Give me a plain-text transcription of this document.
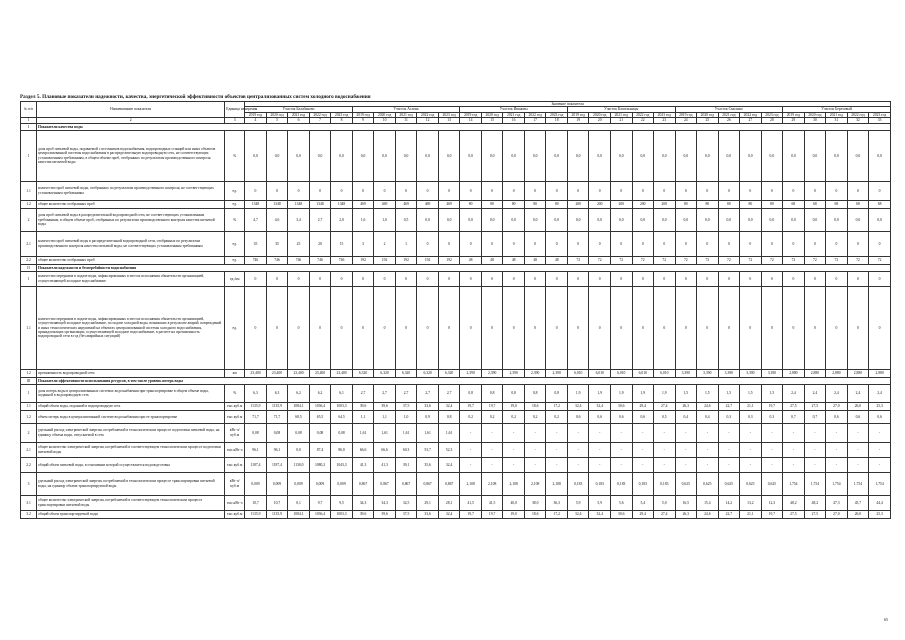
Раздел 5. Плановые показатели надежности, качества, энергетической эффективности объектов централизованных систем холодного водоснабжения
№ п/п	Наименование показателя	Единица измерения	Значение показателя																													
			Участок Балабаново					Участок Аслонь					Участок Ивановы					Участок Кашельницы					Участок Смолино					Участок Березовый				
			2019 год	2020 год	2021 год	2022 год	2023 год	2019 год	2020 год	2021 год	2022 год	2023 год	2019 год	2020 год	2021 год	2022 год	2023 год	2019 год	2020 год	2021 год	2022 год	2023 год	2019 год	2020 год	2021 год	2022 год	2023 год	2019 год	2020 год	2021 год	2022 год	2023 год
1	2	3	4	5	6	7	8	9	10	11	12	13	14	15	16	17	18	19	20	21	22	23	24	25	26	27	28	29	30	31	32	33
I	Показатели качества воды																															
1	доля проб питьевой воды, подаваемой с источников водоснабжения, водопроводных станций или иных объектов централизованной системы водоснабжения в распределительную водопроводную сеть, не соответствующих установленным требованиям, в общем объеме проб, отобранных по результатам производственного контроля качества питьевой воды	%	0,0	0,0	0,0	0,0	0,0	0,0	0,0	0,0	0,0	0,0	0,0	0,0	0,0	0,0	0,0	0,0	0,0	0,0	0,0	0,0	0,0	0,0	0,0	0,0	0,0	0,0	0,0	0,0	0,0	0,0
1.1	количество проб питьевой воды, отобранных по результатам производственного контроля, не соответствующих установленным требованиям	ед.	0	0	0	0	0	0	0	0	0	0	0	0	0	0	0	0	0	0	0	0	0	0	0	0	0	0	0	0	0	0
1.2	общее количество отобранных проб	ед.	1348	1348	1348	1348	1348	469	469	469	469	469	80	80	80	80	80	200	200	200	200	200	80	80	80	80	80	68	68	68	68	68
2	доля проб питьевой воды в распределительной водопроводной сети, не соответствующих установленным требованиям, в общем объеме проб, отобранных по результатам производственного контроля качества питьевой воды	%	4,7	4,6	3,4	2,7	2,0	1,6	1,0	0,5	0,0	0,0	0,0	0,0	0,0	0,0	0,0	0,0	0,0	0,0	0,0	0,0	0,0	0,0	0,0	0,0	0,0	0,0	0,0	0,0	0,0	0,0
2.1	количество проб питьевой воды в распределительной водопроводной сети, отобранных по результатам производственного контроля качества питьевой воды, не соответствующих установленным требованиям	ед.	35	35	25	20	15	3	2	1	0	0	0	0	0	0	0	0	0	0	0	0	0	0	0	0	0	0	0	0	0	0
2.2	общее количество отобранных проб	ед.	746	746	746	746	746	192	192	192	192	192	48	48	48	48	48	72	72	72	72	72	72	72	72	72	72	72	72	72	72	72
II	Показатели надежности и бесперебойности водоснабжения																															
1	количество перерывов в подаче воды, зафиксированных в местах исполнения обязательств организацией, осуществляющей холодное водоснабжение	ед./км	0	0	0	0	0	0	0	0	0	0	0	0	0	0	0	0	0	0	0	0	0	0	0	0	0	0	0	0	0	0
1.1	количество перерывов в подаче воды, зафиксированных в местах исполнения обязательств организацией, осуществляющей холодное водоснабжение, по подаче холодной воды, возникших в результате аварий, повреждений и иных технологических нарушений на объектах централизованной системы холодного водоснабжения, принадлежащих организации, осуществляющей холодное водоснабжение, в расчете на протяженность водопроводной сети в год (без аварийных ситуаций)	ед.	0	0	0	0	0	0	0	0	0	0	0	0	0	0	0	0	0	0	0	0	0	0	0	0	0	0	0	0	0	0
1.2	протяженность водопроводной сети	км	23,400	23,400	23,400	23,400	23,400	6,320	6,320	6,320	6,320	6,320	2,390	2,390	2,390	2,390	2,390	6,010	6,010	6,010	6,010	6,010	3,390	3,390	3,390	3,390	3,390	2,880	2,880	2,880	2,880	2,880
III	Показатели эффективности использования ресурсов, в том числе уровень потерь воды																															
1	доля потерь воды в централизованных системах водоснабжения при транспортировке в общем объеме воды, поданной в водопроводную сеть	%	6,3	6,3	6,2	6,2	6,1	2,7	2,7	2,7	2,7	2,7	0,8	0,8	0,8	0,8	0,8	1,9	1,9	1,9	1,9	1,9	1,5	1,5	1,5	1,5	1,5	2,4	2,4	2,4	2,4	2,4
1.1	общий объем воды, поданной в водопроводную сеть	тыс.куб.м	1135,9	1135,9	1084,1	1036,4	1003,3	39,6	39,6	37,5	33,6	32,4	19,7	19,7	19,0	18,6	17,2	32,4	32,4	30,6	29,4	27,4	26,3	24,6	22,7	21,1	19,7	27,5	27,5	27,0	26,0	25,3
1.2	объем потерь воды в централизованной системе водоснабжения при ее транспортировке	тыс.куб.м	71,7	71,7	68,5	65,5	64,5	1,1	1,1	1,0	0,9	0,8	0,2	0,2	0,2	0,2	0,2	0,6	0,6	0,6	0,6	0,5	0,4	0,4	0,3	0,3	0,3	0,7	0,7	0,6	0,6	0,6
2	удельный расход электрической энергии, потребляемой в технологическом процессе подготовки питьевой воды, на единицу объема воды, отпускаемой в сеть	кВт·ч/куб.м	0,08	0,08	0,08	0,08	0,08	1,61	1,61	1,61	1,61	1,61	-	-	-	-	-	-	-	-	-	-	-	-	-	-	-	-	-	-	-	-
2.1	общее количество электрической энергии, потребляемой в соответствующем технологическом процессе подготовки питьевой воды	тыс.кВт·ч	96,1	96,1	0,0	87,4	86,0	66,6	66,6	60,3	53,7	52,3	-	-	-	-	-	-	-	-	-	-	-	-	-	-	-	-	-	-	-	-
2.2	общий объем питьевой воды, в отношении которой осуществляется водоподготовка	тыс.куб.м	1187,4	1187,4	1130,0	1080,2	1043,3	41,3	41,3	39,1	35,6	32,4	-	-	-	-	-	-	-	-	-	-	-	-	-	-	-	-	-	-	-	-
3	удельный расход электрической энергии, потребляемой в технологическом процессе транспортировки питьевой воды, на единицу объема транспортируемой воды	кВт·ч/куб.м	0,009	0,009	0,009	0,009	0,009	0,867	0,867	0,867	0,867	0,867	2,108	2,108	2,108	2,108	2,108	0,183	0,183	0,183	0,183	0,183	0,625	0,625	0,625	0,625	0,625	1,754	1,754	1,754	1,754	1,754
3.1	общее количество электрической энергии, потребляемой в соответствующем технологическом процессе транспортировки питьевой воды	тыс.кВт·ч	10,7	10,7	0,1	9,7	9,5	34,3	34,3	32,5	29,1	28,1	41,5	41,5	40,0	38,0	36,3	5,9	5,9	5,6	5,4	5,0	16,5	15,4	14,2	13,2	12,3	48,2	48,2	47,3	45,7	44,4
3.2	общий объем транспортируемой воды	тыс.куб.м	1135,9	1135,9	1084,1	1036,4	1003,3	39,6	39,6	37,5	33,6	32,4	19,7	19,7	19,0	18,6	17,2	32,4	32,4	30,6	29,4	27,4	26,3	24,6	22,7	21,1	19,7	27,5	27,5	27,0	26,0	25,3
65
